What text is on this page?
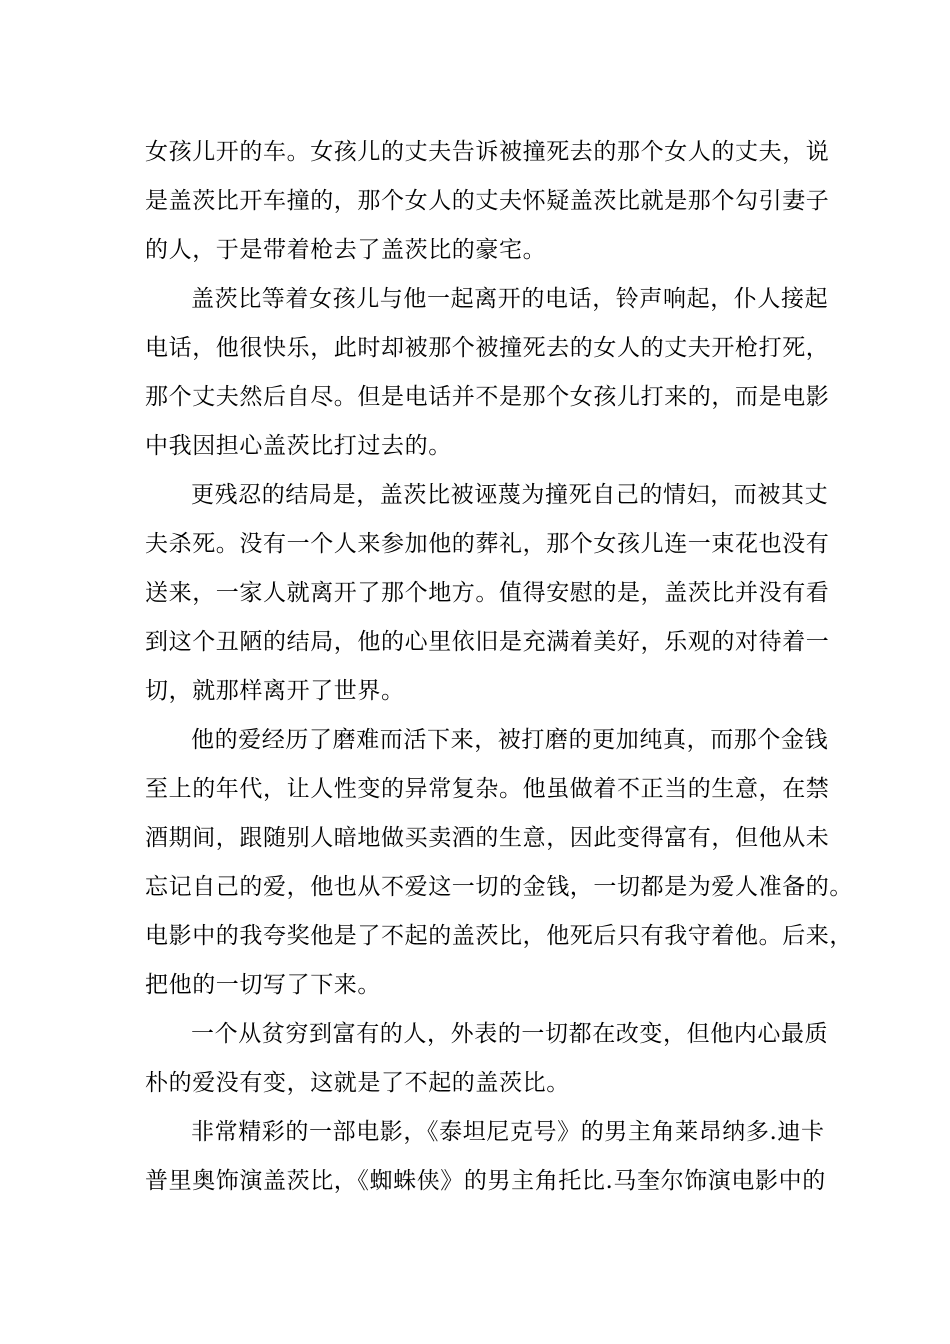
女孩儿开的车。女孩儿的丈夫告诉被撞死去的那个女人的丈夫，说
是盖茨比开车撞的，那个女人的丈夫怀疑盖茨比就是那个勾引妻子
的人，于是带着枪去了盖茨比的豪宅。
盖茨比等着女孩儿与他一起离开的电话，铃声响起，仆人接起
电话，他很快乐，此时却被那个被撞死去的女人的丈夫开枪打死，
那个丈夫然后自尽。但是电话并不是那个女孩儿打来的，而是电影
中我因担心盖茨比打过去的。
更残忍的结局是，盖茨比被诬蔑为撞死自己的情妇，而被其丈
夫杀死。没有一个人来参加他的葬礼，那个女孩儿连一束花也没有
送来，一家人就离开了那个地方。值得安慰的是，盖茨比并没有看
到这个丑陋的结局，他的心里依旧是充满着美好，乐观的对待着一
切，就那样离开了世界。
他的爱经历了磨难而活下来，被打磨的更加纯真，而那个金钱
至上的年代，让人性变的异常复杂。他虽做着不正当的生意，在禁
酒期间，跟随别人暗地做买卖酒的生意，因此变得富有，但他从未
忘记自己的爱，他也从不爱这一切的金钱，一切都是为爱人准备的。
电影中的我夸奖他是了不起的盖茨比，他死后只有我守着他。后来，
把他的一切写了下来。
一个从贫穷到富有的人，外表的一切都在改变，但他内心最质
朴的爱没有变，这就是了不起的盖茨比。
非常精彩的一部电影，《泰坦尼克号》的男主角莱昂纳多.迪卡
普里奥饰演盖茨比，《蜘蛛侠》的男主角托比.马奎尔饰演电影中的
